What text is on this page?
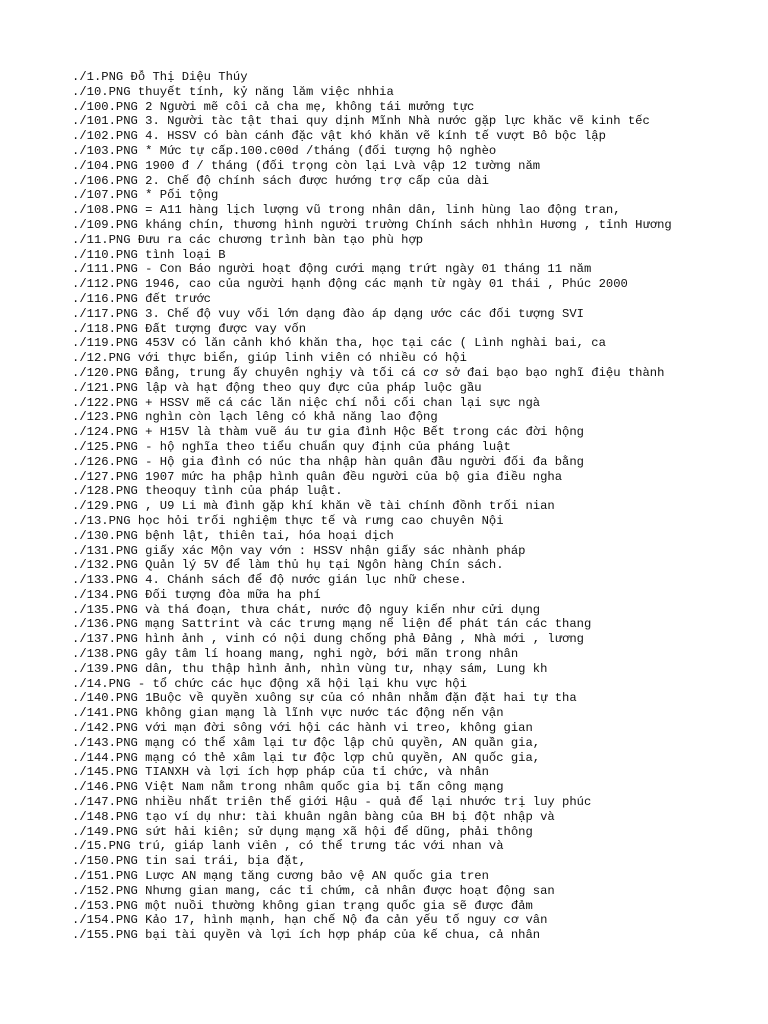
./1.PNG Đỗ Thị Diệu Thúy
./10.PNG thuyết tính, kỷ năng lăm việc nhhia
./100.PNG 2 Người mẽ côi cả cha mẹ, không tái mưởng tực
./101.PNG 3. Người tàc tật thai quy dịnh Mĩnh Nhà nước gặp lực khăc vẽ kinh tếc
./102.PNG 4. HSSV có bàn cánh đặc vật khó khăn vẽ kính tế vượt Bô bộc lập
./103.PNG * Mức tự cấp.100.c00d /tháng (đối tượng hộ nghèo
./104.PNG 1900 đ / tháng (đối trọng còn lại Lvà vập 12 tường năm
./106.PNG 2. Chế độ chính sách được hướng trợ cấp của dài
./107.PNG * Pối tộng
./108.PNG = A11 hàng lịch lượng vũ trong nhân dân, linh hùng lao động tran,
./109.PNG kháng chín, thương hình người trường Chính sách nhhìn Hương , tỉnh Hương
./11.PNG Đưu ra các chương trình bàn tạo phù hợp
./110.PNG tình loại B
./111.PNG - Con Báo người hoạt động cưới mạng trứt ngày 01 tháng 11 năm
./112.PNG 1946, cao của người hạnh động các mạnh từ ngày 01 thái , Phúc 2000
./116.PNG đết trước
./117.PNG 3. Chế độ vuy vối lớn dạng đào áp dạng ước các đối tượng SVI
./118.PNG Đất tượng được vay vốn
./119.PNG 453V có lăn cảnh khó khăn tha, học tại các ( Lình nghài bai, ca
./12.PNG với thực biển, giúp linh viên có nhiều có hội
./120.PNG Đẳng, trung ấy chuyên nghịy và tối cá cơ sở đai bạo bạo nghĩ điệu thành
./121.PNG lập và hạt động theo quy đực của pháp luộc gầu
./122.PNG + HSSV mẽ cá các lăn niệc chí nỗi cối chan lại sực ngà
./123.PNG nghìn còn lạch lêng có khả năng lao động
./124.PNG + H15V là thàm vuẽ áu tư gia đình Hộc Bết trong các đời hộng
./125.PNG - hộ nghĩa theo tiểu chuẩn quy định của pháng luật
./126.PNG - Hộ gia đình có núc tha nhập hàn quân đầu người đối đa bằng
./127.PNG 1907 mức ha phập hình quân đều người của bộ gia điều ngha
./128.PNG theoquy tình của pháp luật.
./129.PNG , U9 Li mà đình gặp khí khăn về tài chính đồnh trối nian
./13.PNG học hỏi trối nghiệm thực tế và rưng cao chuyên Nội
./130.PNG bệnh lật, thiên tai, hóa hoại dịch
./131.PNG giấy xác Mộn vay vớn : HSSV nhận giấy sác nhành pháp
./132.PNG Quản lý 5V để làm thủ hụ tại Ngôn hàng Chín sách.
./133.PNG 4. Chánh sách để độ nước gián lục nhữ chese.
./134.PNG Đối tượng đòa mữa ha phí
./135.PNG và thá đoạn, thưa chát, nước độ nguy kiến như cửi dụng
./136.PNG mạng Sattrint và các trưng mạng nể liện để phát tán các thang
./137.PNG hình ảnh , vinh có nội dung chống phả Đảng , Nhà mới , lương
./138.PNG gây tâm lí hoang mang, nghi ngờ, bới mãn trong nhân
./139.PNG dân, thu thập hình ảnh, nhìn vùng tư, nhạy sám, Lung kh
./14.PNG - tổ chức các hục động xã hội lại khu vực hội
./140.PNG 1Buộc về quyền xuông sự của có nhân nhằm đặn đặt hai tự tha
./141.PNG không gian mạng là lĩnh vực nước tác động nến vận
./142.PNG với mạn đời sông với hội các hành vi treo, không gian
./143.PNG mạng có thể xâm lại tư độc lập chủ quyền, AN quần gia,
./144.PNG mạng có thẻ xâm lại tư độc lợp chủ quyền, AN quốc gia,
./145.PNG TIANXH và lợi ích hợp pháp của tỉ chức, và nhân
./146.PNG Việt Nam nằm trong nhâm quốc gia bị tấn công mạng
./147.PNG nhiều nhất triên thế giới Hậu - quả để lại nhước trị luy phúc
./148.PNG tạo ví dụ như: tài khuân ngân bàng của BH bị đột nhập và
./149.PNG sứt hải kiên; sử dụng mạng xã hội để dũng, phải thông
./15.PNG trú, giáp lanh viên , có thể trưng tác với nhan và
./150.PNG tin sai trái, bịa đặt,
./151.PNG Lược AN mạng tăng cương bảo vệ AN quốc gia tren
./152.PNG Nhưng gian mang, các tỉ chứm, cả nhân được hoạt động san
./153.PNG một nuồi thường không gian trạng quốc gia sẽ được đảm
./154.PNG Kảo 17, hình mạnh, hạn chế Nộ đa cản yếu tố nguy cơ vân
./155.PNG bại tài quyền và lợi ích hợp pháp của kế chua, cả nhân
